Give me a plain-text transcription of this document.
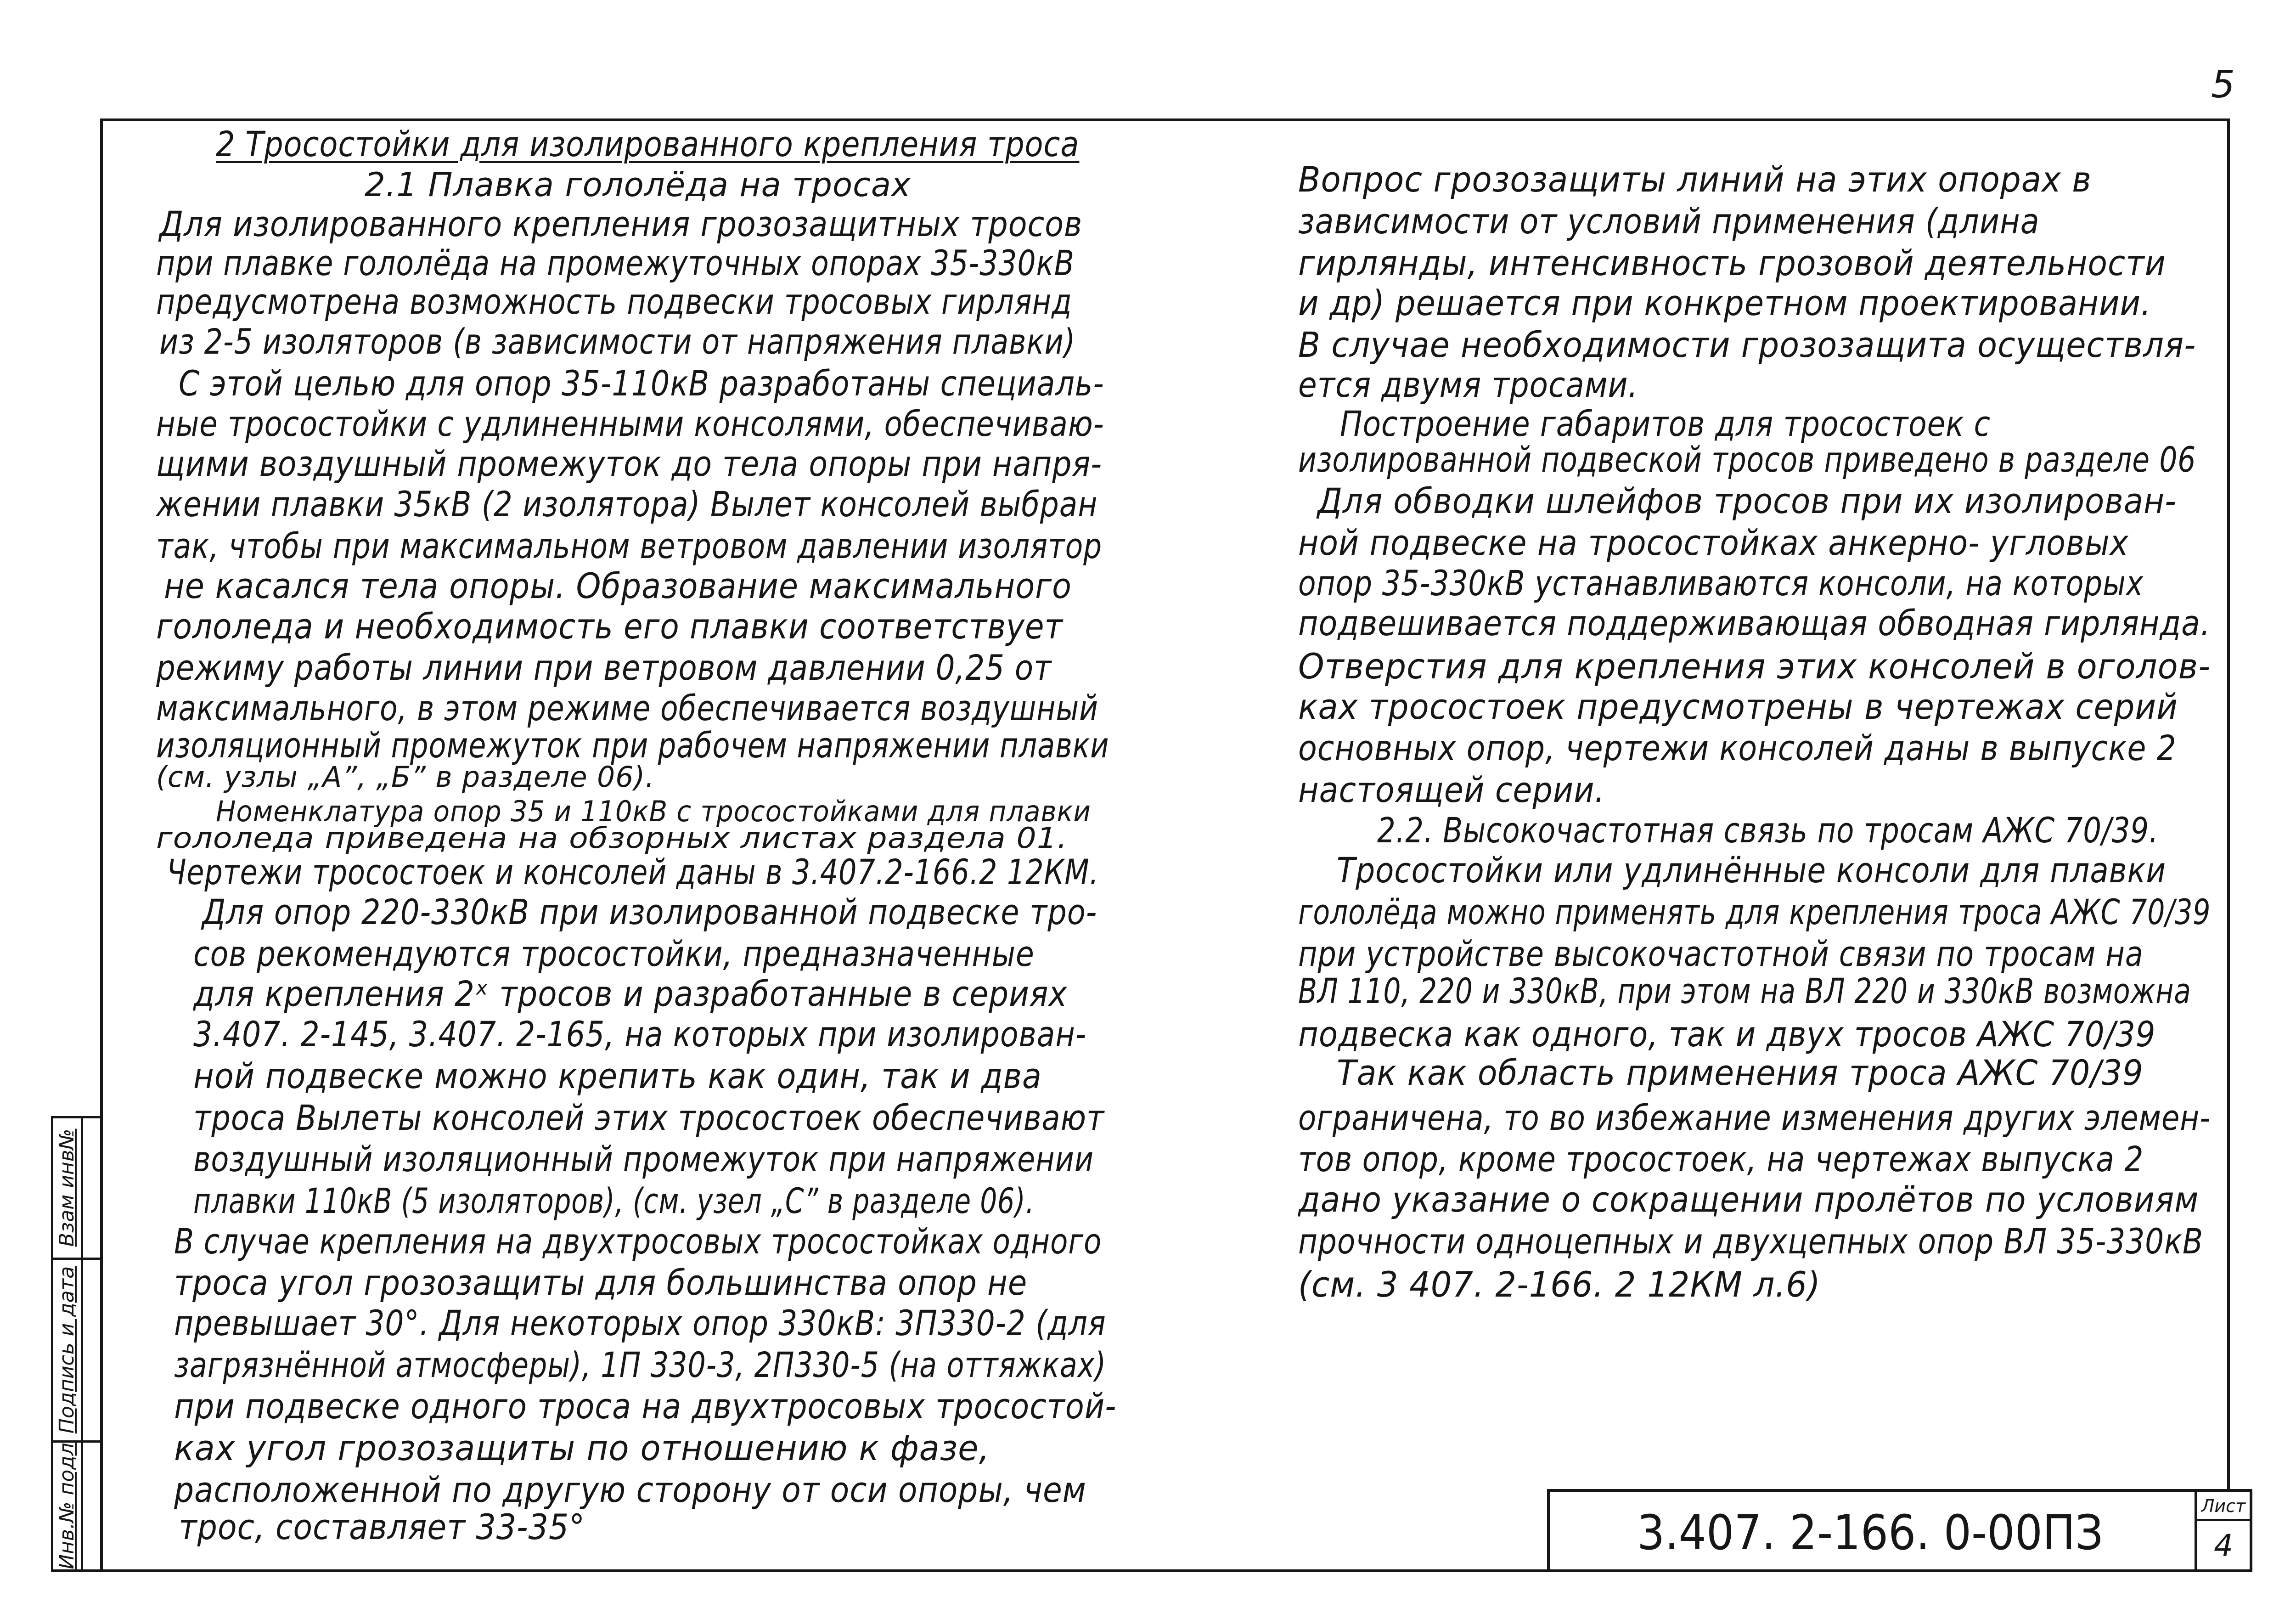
5
Взам инв№
Подпись и дата
Инв.№ подл	3.407. 2-166. 0-00ПЗ	Лист
4
2 Тросостойки для изолированного крепления троса
2.1 Плавка гололёда на тросах
Для изолированного крепления грозозащитных тросов
при плавке гололёда на промежуточных опорах 35-330кВ
предусмотрена возможность подвески тросовых гирлянд
из 2-5 изоляторов (в зависимости от напряжения плавки)
С этой целью для опор 35-110кВ разработаны специаль-
ные тросостойки с удлиненными консолями, обеспечиваю-
щими воздушный промежуток до тела опоры при напря-
жении плавки 35кВ (2 изолятора) Вылет консолей выбран
так, чтобы при максимальном ветровом давлении изолятор
не касался тела опоры. Образование максимального
гололеда и необходимость его плавки соответствует
режиму работы линии при ветровом давлении 0,25 от
максимального, в этом режиме обеспечивается воздушный
изоляционный промежуток при рабочем напряжении плавки
(см. узлы „А”, „Б” в разделе 06).
Номенклатура опор 35 и 110кВ с тросостойками для плавки
гололеда приведена на обзорных листах раздела 01.
Чертежи тросостоек и консолей даны в 3.407.2-166.2 12КМ.
Для опор 220-330кВ при изолированной подвеске тро-
сов рекомендуются тросостойки, предназначенные
для крепления 2ˣ тросов и разработанные в сериях
3.407. 2-145, 3.407. 2-165, на которых при изолирован-
ной подвеске можно крепить как один, так и два
троса Вылеты консолей этих тросостоек обеспечивают
воздушный изоляционный промежуток при напряжении
плавки 110кВ (5 изоляторов), (см. узел „С” в разделе 06).
В случае крепления на двухтросовых тросостойках одного
троса угол грозозащиты для большинства опор не
превышает 30°. Для некоторых опор 330кВ: 3П330-2 (для
загрязнённой атмосферы), 1П 330-3, 2П330-5 (на оттяжках)
при подвеске одного троса на двухтросовых тросостой-
ках угол грозозащиты по отношению к фазе,
расположенной по другую сторону от оси опоры, чем
трос, составляет 33-35°
Вопрос грозозащиты линий на этих опорах в
зависимости от условий применения (длина
гирлянды, интенсивность грозовой деятельности
и др) решается при конкретном проектировании.
В случае необходимости грозозащита осуществля-
ется двумя тросами.
Построение габаритов для тросостоек с
изолированной подвеской тросов приведено в разделе 06
Для обводки шлейфов тросов при их изолирован-
ной подвеске на тросостойках анкерно- угловых
опор 35-330кВ устанавливаются консоли, на которых
подвешивается поддерживающая обводная гирлянда.
Отверстия для крепления этих консолей в оголов-
ках тросостоек предусмотрены в чертежах серий
основных опор, чертежи консолей даны в выпуске 2
настоящей серии.
2.2. Высокочастотная связь по тросам АЖС 70/39.
Тросостойки или удлинённые консоли для плавки
гололёда можно применять для крепления троса АЖС 70/39
при устройстве высокочастотной связи по тросам на
ВЛ 110, 220 и 330кВ, при этом на ВЛ 220 и 330кВ возможна
подвеска как одного, так и двух тросов АЖС 70/39
Так как область применения троса АЖС 70/39
ограничена, то во избежание изменения других элемен-
тов опор, кроме тросостоек, на чертежах выпуска 2
дано указание о сокращении пролётов по условиям
прочности одноцепных и двухцепных опор ВЛ 35-330кВ
(см. 3 407. 2-166. 2 12КМ л.6)
